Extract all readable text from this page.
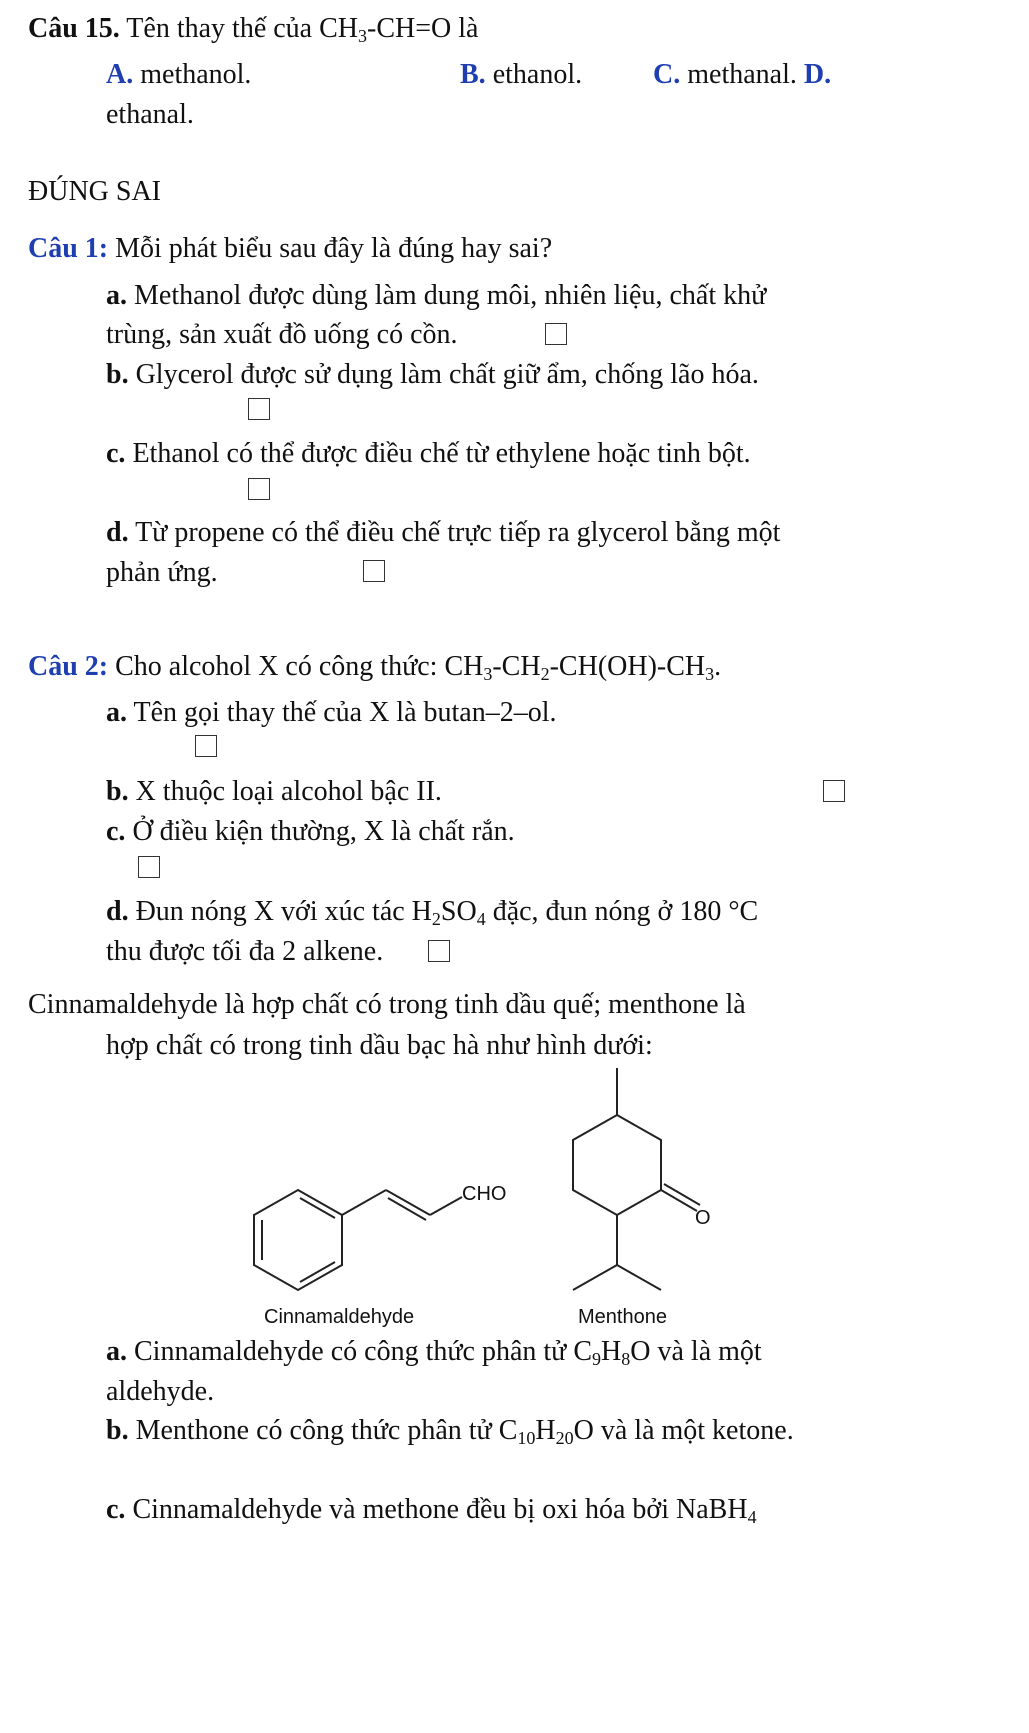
Câu 15. Tên thay thế của $CH_3-CH=O$ là
A. methanol.	B. ethanol.	C. methanal. D.
ethanal.
ĐÚNG SAI
Câu 1: Mỗi phát biểu sau đây là đúng hay sai?
a. Methanol được dùng làm dung môi, nhiên liệu, chất khử
trùng, sản xuất đồ uống có cồn.
b. Glycerol được sử dụng làm chất giữ ẩm, chống lão hóa.
c. Ethanol có thể được điều chế từ ethylene hoặc tinh bột.
d. Từ propene có thể điều chế trực tiếp ra glycerol bằng một
phản ứng.
Câu 2: Cho alcohol X có công thức: $CH_3-CH_2-CH(OH)-CH_3$.
a. Tên gọi thay thế của X là butan–2–ol.
b. X thuộc loại alcohol bậc II.
c. Ở điều kiện thường, X là chất rắn.
d. Đun nóng X với xúc tác $H_2SO_4$ đặc, đun nóng ở 180 °C
thu được tối đa 2 alkene.
Cinnamaldehyde là hợp chất có trong tinh dầu quế; menthone là
hợp chất có trong tinh dầu bạc hà như hình dưới:
CHO
O
Cinnamaldehyde	Menthone
a. Cinnamaldehyde có công thức phân tử $C_9H_8O$ và là một
aldehyde.
b. Menthone có công thức phân tử $C_{10}H_{20}O$ và là một ketone.
c. Cinnamaldehyde và methone đều bị oxi hóa bởi NaBH$_4$
